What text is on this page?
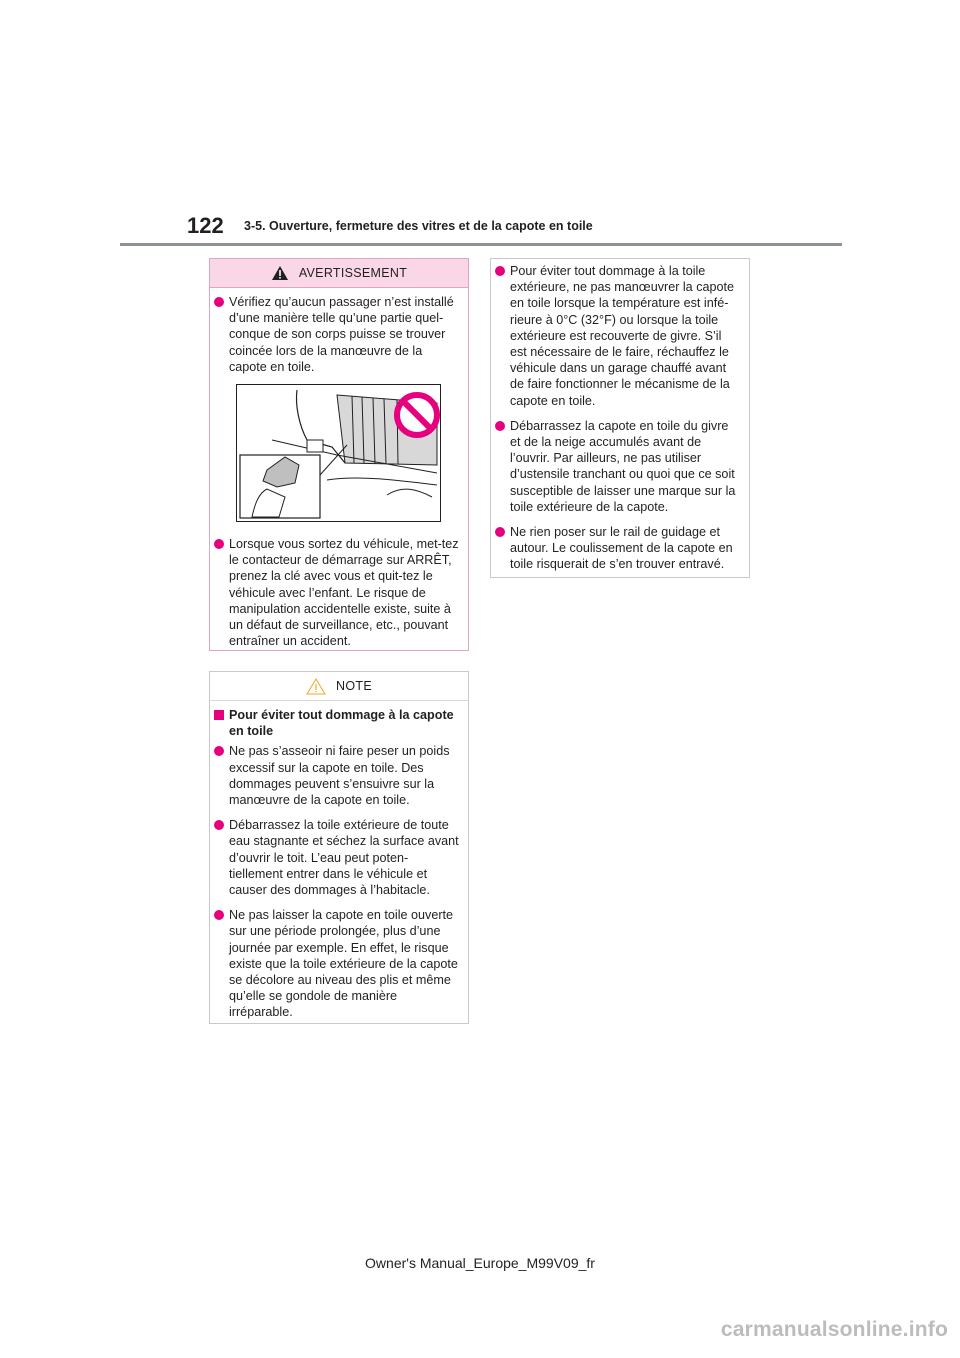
122 3-5. Ouverture, fermeture des vitres et de la capote en toile
AVERTISSEMENT
Vérifiez qu’aucun passager n’est installé d’une manière telle qu’une partie quel-conque de son corps puisse se trouver coincée lors de la manœuvre de la capote en toile.
Lorsque vous sortez du véhicule, met-tez le contacteur de démarrage sur ARRÊT, prenez la clé avec vous et quit-tez le véhicule avec l’enfant. Le risque de manipulation accidentelle existe, suite à un défaut de surveillance, etc., pouvant entraîner un accident.
NOTE
Pour éviter tout dommage à la capote en toile
Ne pas s’asseoir ni faire peser un poids excessif sur la capote en toile. Des dommages peuvent s’ensuivre sur la manœuvre de la capote en toile.
Débarrassez la toile extérieure de toute eau stagnante et séchez la surface avant d’ouvrir le toit. L’eau peut poten-tiellement entrer dans le véhicule et causer des dommages à l’habitacle.
Ne pas laisser la capote en toile ouverte sur une période prolongée, plus d’une journée par exemple. En effet, le risque existe que la toile extérieure de la capote se décolore au niveau des plis et même qu’elle se gondole de manière irréparable.
Pour éviter tout dommage à la toile extérieure, ne pas manœuvrer la capote en toile lorsque la température est infé-rieure à 0°C (32°F) ou lorsque la toile extérieure est recouverte de givre. S’il est nécessaire de le faire, réchauffez le véhicule dans un garage chauffé avant de faire fonctionner le mécanisme de la capote en toile.
Débarrassez la capote en toile du givre et de la neige accumulés avant de l’ouvrir. Par ailleurs, ne pas utiliser d’ustensile tranchant ou quoi que ce soit susceptible de laisser une marque sur la toile extérieure de la capote.
Ne rien poser sur le rail de guidage et autour. Le coulissement de la capote en toile risquerait de s’en trouver entravé.
Owner's Manual_Europe_M99V09_fr
carmanualsonline.info
